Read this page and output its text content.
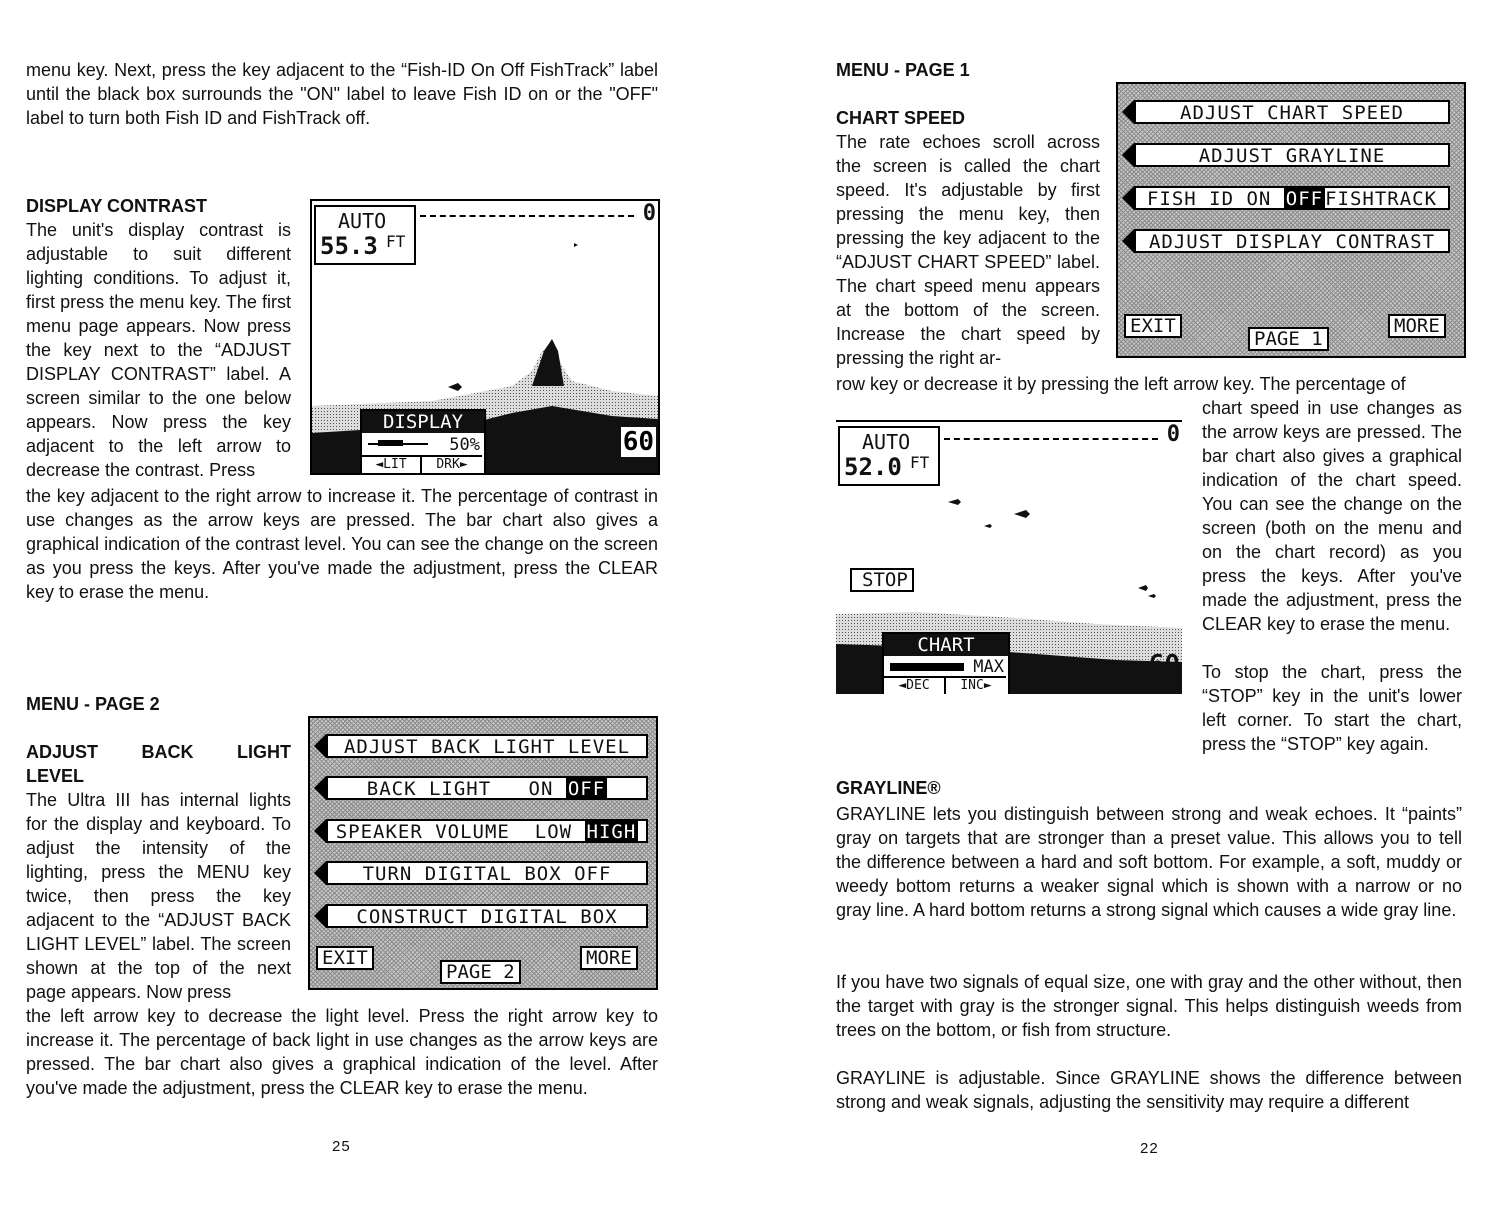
menu key. Next, press the key adjacent to the “Fish-ID On Off FishTrack” label until the black box surrounds the "ON" label to leave Fish ID on or the "OFF" label to turn both Fish ID and FishTrack off.

DISPLAY CONTRAST

The unit's display contrast is adjustable to suit different lighting conditions. To adjust it, first press the menu key. The first menu page appears. Now press the key next to the “ADJUST DISPLAY CONTRAST” label. A screen similar to the one below appears. Now press the key adjacent to the left arrow to decrease the contrast. Press

the key adjacent to the right arrow to increase it. The percentage of contrast in use changes as the arrow keys are pressed. The bar chart also gives a graphical indication of the contrast level. You can see the change on the screen as you press the keys. After you've made the adjustment, press the CLEAR key to erase the menu.

AUTO
55.3 FT
0
DISPLAY
50%
◄LIT	DRK►
60

MENU - PAGE 2

ADJUST BACK LIGHT LEVEL

The Ultra III has internal lights for the display and keyboard. To adjust the intensity of the lighting, press the MENU key twice, then press the key adjacent to the “ADJUST BACK LIGHT LEVEL” label. The screen shown at the top of the next page appears. Now press

the left arrow key to decrease the light level. Press the right arrow key to increase it. The percentage of back light in use changes as the arrow keys are pressed. The bar chart also gives a graphical indication of the level. After you've made the adjustment, press the CLEAR key to erase the menu.

ADJUST BACK LIGHT LEVEL
BACK LIGHT ON OFF
SPEAKER VOLUME LOW HIGH
TURN DIGITAL BOX OFF
CONSTRUCT DIGITAL BOX
EXIT
PAGE 2
MORE
25

MENU - PAGE 1

CHART SPEED

The rate echoes scroll across the screen is called the chart speed. It's adjustable by first pressing the menu key, then pressing the key adjacent to the “ADJUST CHART SPEED” label. The chart speed menu appears at the bottom of the screen. Increase the chart speed by pressing the right ar-

row key or decrease it by pressing the left arrow key. The percentage of

chart speed in use changes as the arrow keys are pressed. The bar chart also gives a graphical indication of the chart speed. You can see the change on the screen (both on the menu and on the chart record) as you press the keys. After you've made the adjustment, press the CLEAR key to erase the menu.

To stop the chart, press the “STOP” key in the unit's lower left corner. To start the chart, press the “STOP” key again.

ADJUST CHART SPEED
ADJUST GRAYLINE
FISH ID ON OFF FISHTRACK
ADJUST DISPLAY CONTRAST
EXIT
PAGE 1
MORE
AUTO
52.0 FT
0
STOP
CHART
MAX
◄DEC	INC►
60

GRAYLINE®

GRAYLINE lets you distinguish between strong and weak echoes. It “paints” gray on targets that are stronger than a preset value. This allows you to tell the difference between a hard and soft bottom. For example, a soft, muddy or weedy bottom returns a weaker signal which is shown with a narrow or no gray line. A hard bottom returns a strong signal which causes a wide gray line.

If you have two signals of equal size, one with gray and the other without, then the target with gray is the stronger signal. This helps distinguish weeds from trees on the bottom, or fish from structure.

GRAYLINE is adjustable. Since GRAYLINE shows the difference between strong and weak signals, adjusting the sensitivity may require a different

22
